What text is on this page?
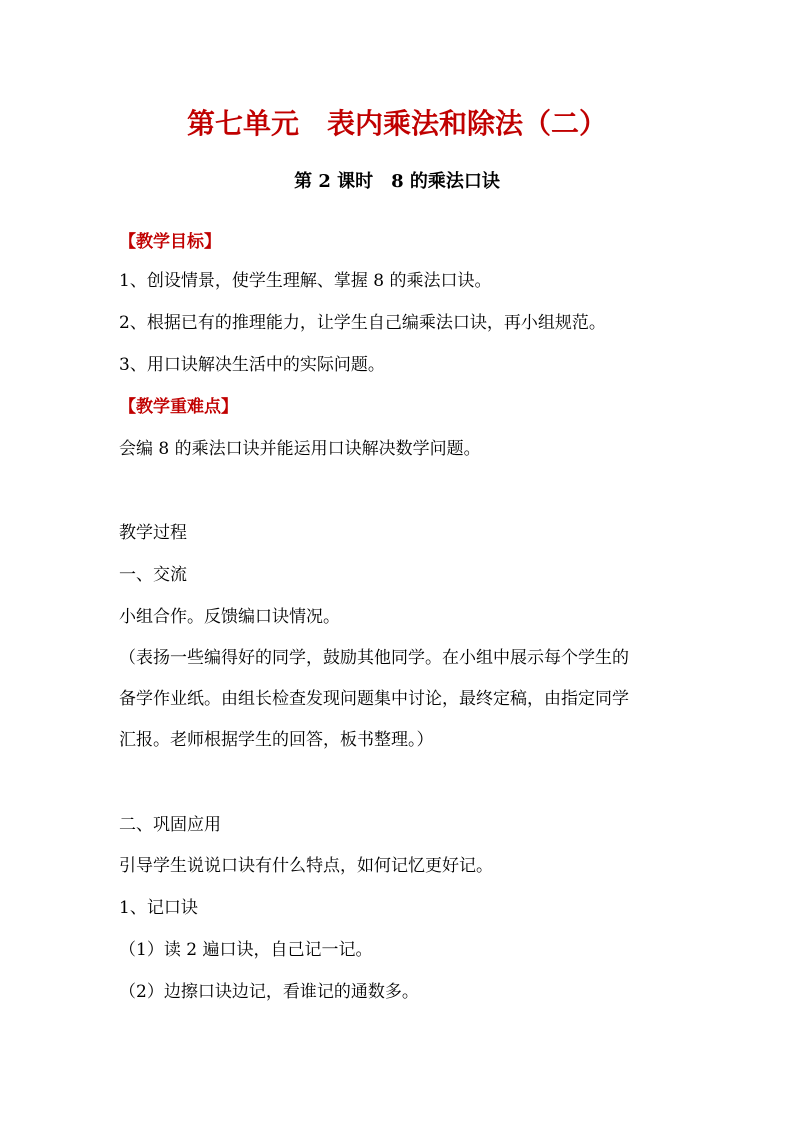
第七单元　表内乘法和除法（二）
第 2 课时　8 的乘法口诀
【教学目标】
1、创设情景，使学生理解、掌握 8 的乘法口诀。
2、根据已有的推理能力，让学生自己编乘法口诀，再小组规范。
3、用口诀解决生活中的实际问题。
【教学重难点】
会编 8 的乘法口诀并能运用口诀解决数学问题。
教学过程
一、交流
小组合作。反馈编口诀情况。
（表扬一些编得好的同学，鼓励其他同学。在小组中展示每个学生的
备学作业纸。由组长检查发现问题集中讨论，最终定稿，由指定同学
汇报。老师根据学生的回答，板书整理。）
二、巩固应用
引导学生说说口诀有什么特点，如何记忆更好记。
1、记口诀
（1）读 2 遍口诀，自己记一记。
（2）边擦口诀边记，看谁记的通数多。
